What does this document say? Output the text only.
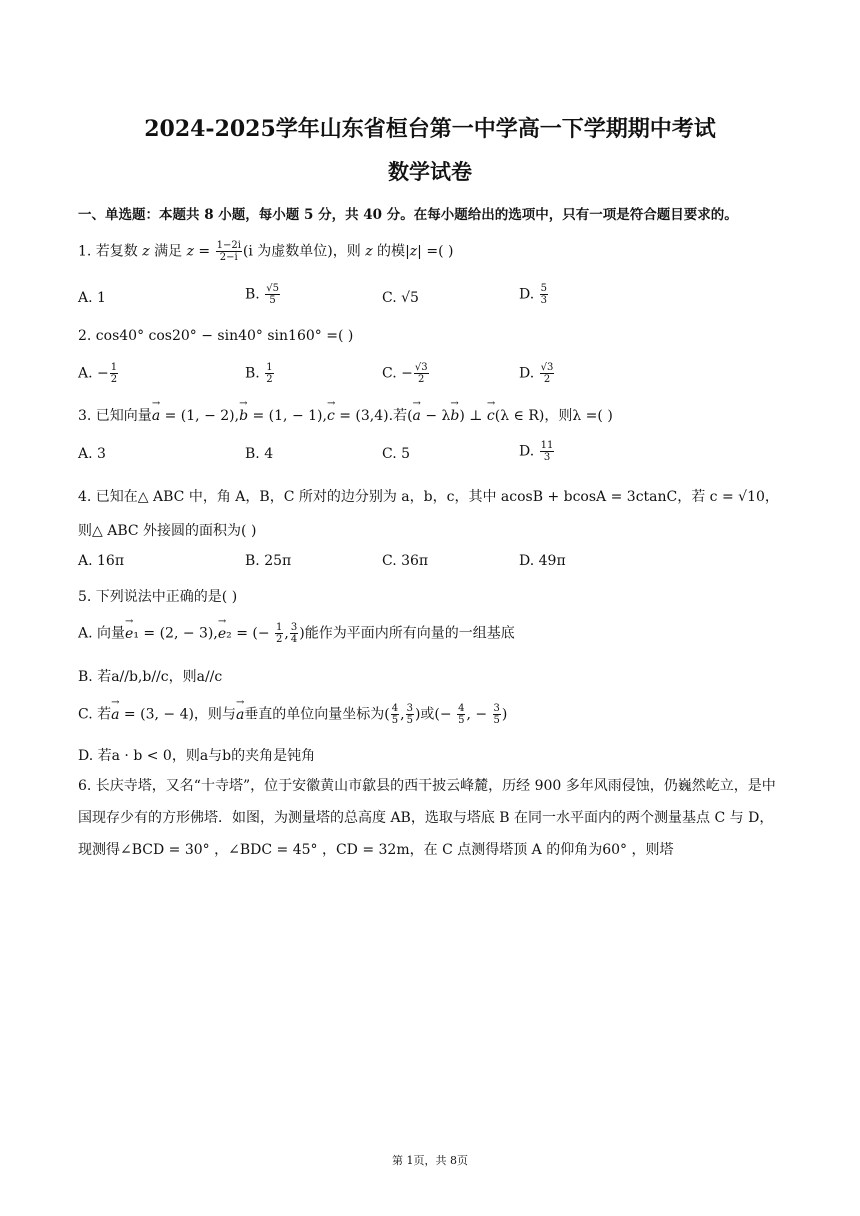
2024-2025学年山东省桓台第一中学高一下学期期中考试
数学试卷
一、单选题：本题共 8 小题，每小题 5 分，共 40 分。在每小题给出的选项中，只有一项是符合题目要求的。
1. 若复数 z 满足 $z = \frac{1-2i}{2-i} (i$ 为虚数单位)，则 z 的模|z| =( )
A. 1	B. $\frac{√5}{5}$	C. √5	D. $\frac{5}{3}$
2. cos40° cos20° − sin40° sin160° =( )
A. − $\frac{1}{2}$	B. $\frac{1}{2}$	C. − $\frac{√3}{2}$	D. $\frac{√3}{2}$
3. 已知向量→ a = (1, − 2),→ b = (1, − 1),→ c = (3,4).若(→ a − λ→ b) ⊥ → c(λ ∈ R)，则λ =( )
A. 3	B. 4	C. 5	D. $\frac{11}{3}$
4. 已知在△ ABC 中，角 A，B，C 所对的边分别为 a，b，c，其中 acosB + bcosA = 3ctanC，若 c = √10，
则△ ABC 外接圆的面积为( )
A. 16π	B. 25π	C. 36π	D. 49π
5. 下列说法中正确的是( )
A. 向量→ e₁ = (2, − 3),→ e₂ = (− $\frac{1}{2}$ , $\frac{3}{4}$ )能作为平面内所有向量的一组基底
B. 若a//b,b//c，则a//c
C. 若→ a = (3, − 4)，则与→ a垂直的单位向量坐标为( $\frac{4}{5}$ , $\frac{3}{5}$ )或(− $\frac{4}{5}$ , − $\frac{3}{5}$ )
D. 若a · b < 0，则a与b的夹角是钝角
6. 长庆寺塔，又名“十寺塔”，位于安徽黄山市歙县的西干披云峰麓，历经 900 多年风雨侵蚀，仍巍然屹立，是中国现存少有的方形佛塔．如图，为测量塔的总高度 AB，选取与塔底 B 在同一水平面内的两个测量基点 C 与 D，现测得∠BCD = 30° ，∠BDC = 45° ，CD = 32m，在 C 点测得塔顶 A 的仰角为60° ，则塔
第 1页，共 8页
